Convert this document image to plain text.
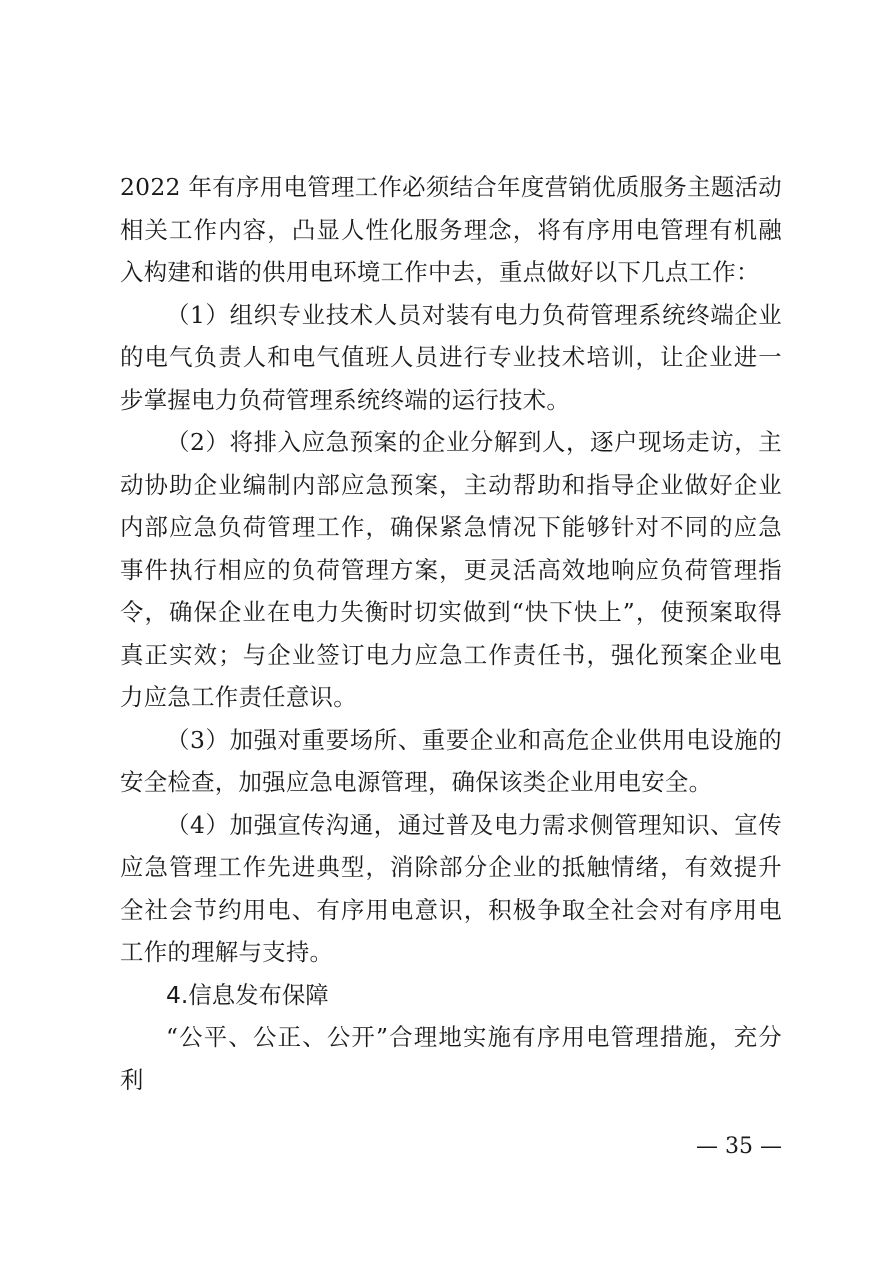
2022 年有序用电管理工作必须结合年度营销优质服务主题活动相关工作内容，凸显人性化服务理念，将有序用电管理有机融入构建和谐的供用电环境工作中去，重点做好以下几点工作：

（1）组织专业技术人员对装有电力负荷管理系统终端企业的电气负责人和电气值班人员进行专业技术培训，让企业进一步掌握电力负荷管理系统终端的运行技术。

（2）将排入应急预案的企业分解到人，逐户现场走访，主动协助企业编制内部应急预案，主动帮助和指导企业做好企业内部应急负荷管理工作，确保紧急情况下能够针对不同的应急事件执行相应的负荷管理方案，更灵活高效地响应负荷管理指令，确保企业在电力失衡时切实做到“快下快上”，使预案取得真正实效；与企业签订电力应急工作责任书，强化预案企业电力应急工作责任意识。

（3）加强对重要场所、重要企业和高危企业供用电设施的安全检查，加强应急电源管理，确保该类企业用电安全。

（4）加强宣传沟通，通过普及电力需求侧管理知识、宣传应急管理工作先进典型，消除部分企业的抵触情绪，有效提升全社会节约用电、有序用电意识，积极争取全社会对有序用电工作的理解与支持。

4.信息发布保障

“公平、公正、公开”合理地实施有序用电管理措施，充分利

— 35 —
